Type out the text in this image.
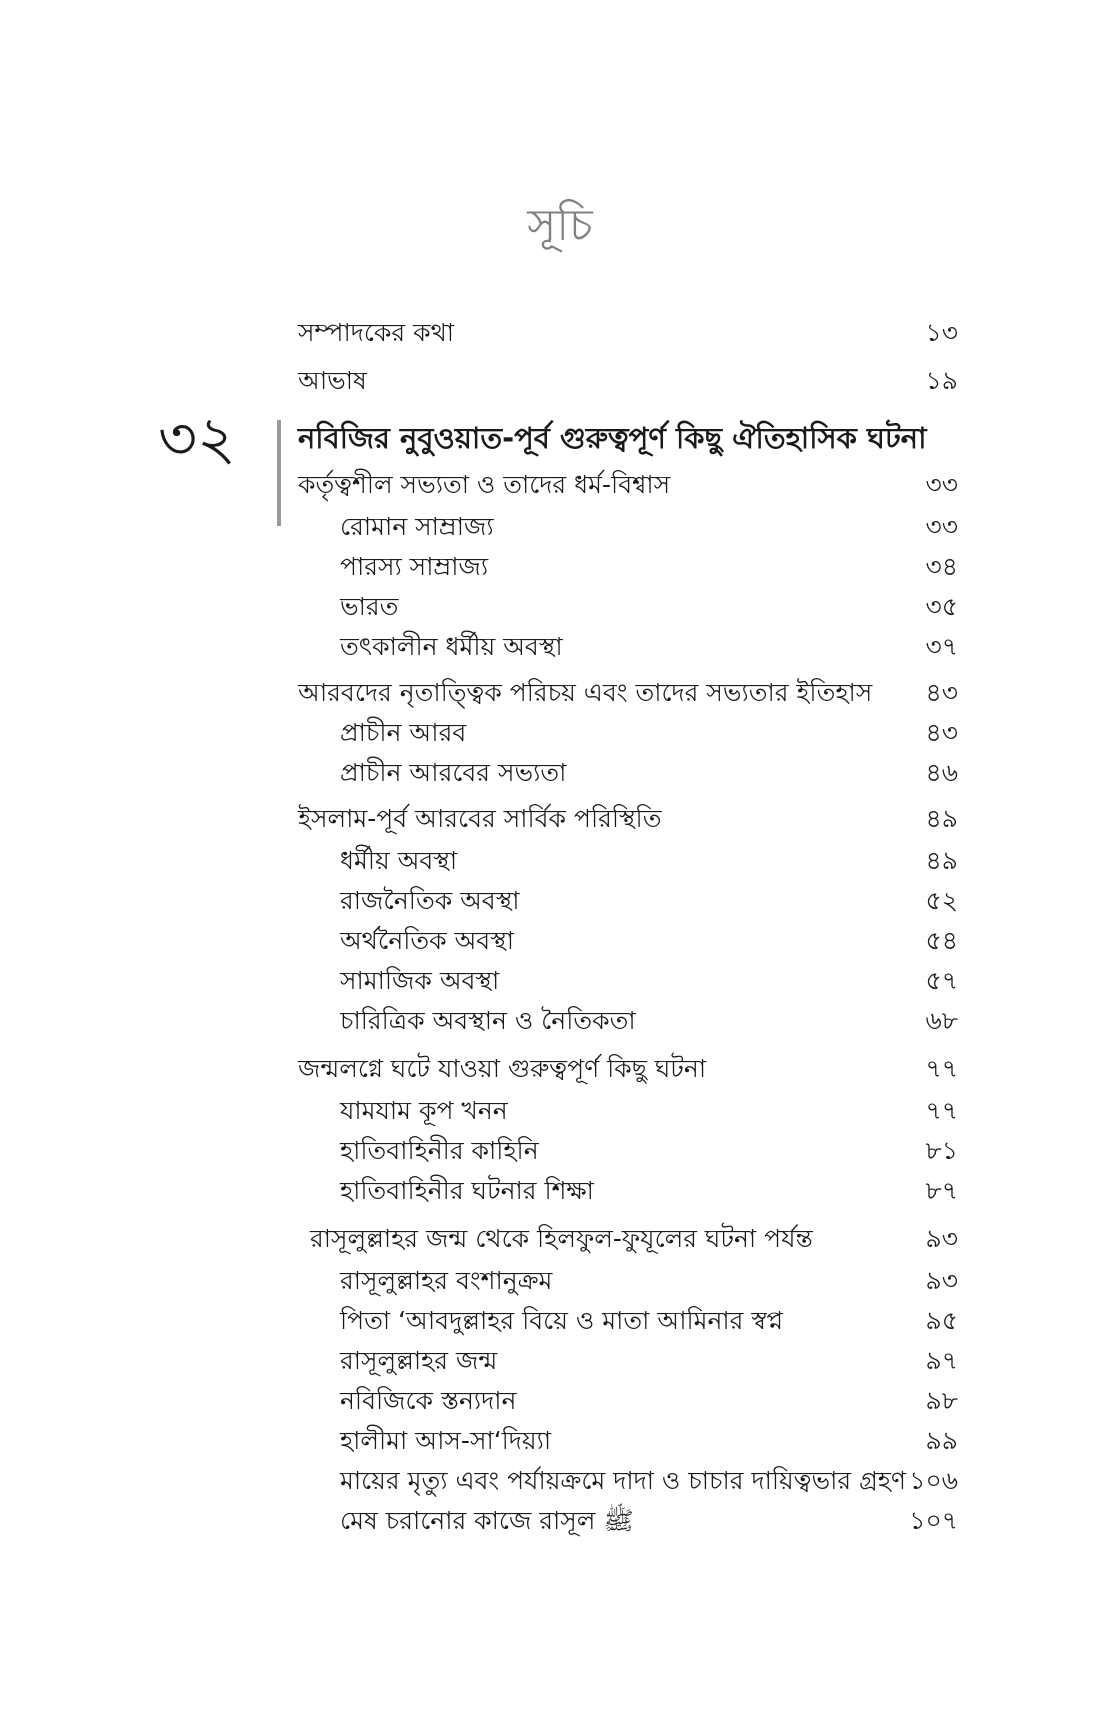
সূচি
সম্পাদকের কথা	১৩
আভাষ	১৯
৩২ নবিজির নুবুওয়াত-পূর্ব গুরুত্বপূর্ণ কিছু ঐতিহাসিক ঘটনা
কর্তৃত্বশীল সভ্যতা ও তাদের ধর্ম-বিশ্বাস	৩৩
রোমান সাম্রাজ্য	৩৩
পারস্য সাম্রাজ্য	৩৪
ভারত	৩৫
তৎকালীন ধর্মীয় অবস্থা	৩৭
আরবদের নৃতাত্ত্বিক পরিচয় এবং তাদের সভ্যতার ইতিহাস ৪৩
প্রাচীন আরব	৪৩
প্রাচীন আরবের সভ্যতা	৪৬
ইসলাম-পূর্ব আরবের সার্বিক পরিস্থিতি	৪৯
ধর্মীয় অবস্থা	৪৯
রাজনৈতিক অবস্থা	৫২
অর্থনৈতিক অবস্থা	৫৪
সামাজিক অবস্থা	৫৭
চারিত্রিক অবস্থান ও নৈতিকতা	৬৮
জন্মলগ্নে ঘটে যাওয়া গুরুত্বপূর্ণ কিছু ঘটনা	৭৭
যামযাম কূপ খনন	৭৭
হাতিবাহিনীর কাহিনি	৮১
হাতিবাহিনীর ঘটনার শিক্ষা	৮৭
রাসূলুল্লাহর জন্ম থেকে হিলফুল-ফুযূলের ঘটনা পর্যন্ত	৯৩
রাসূলুল্লাহর বংশানুক্রম	৯৩
পিতা ‘আবদুল্লাহর বিয়ে ও মাতা আমিনার স্বপ্ন	৯৫
রাসূলুল্লাহর জন্ম	৯৭
নবিজিকে স্তন্যদান	৯৮
হালীমা আস-সা‘দিয়্যা	৯৯
মায়ের মৃত্যু এবং পর্যায়ক্রমে দাদা ও চাচার দায়িত্বভার গ্রহণ ১০৬
মেষ চরানোর কাজে রাসূল ﷺ	১০৭
